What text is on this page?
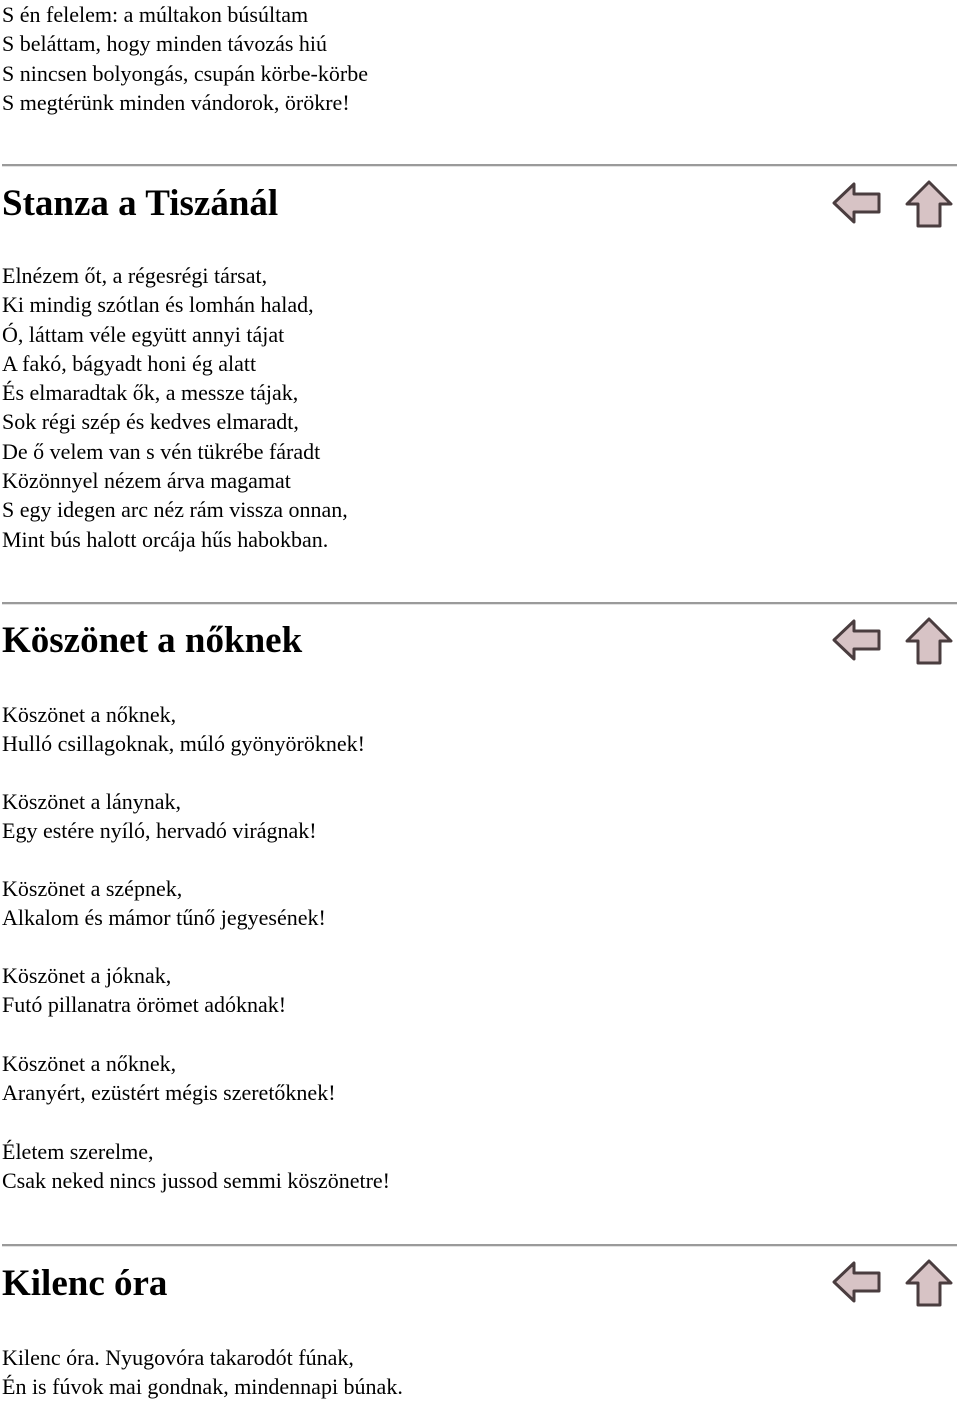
S én felelem: a múltakon búsúltam
S beláttam, hogy minden távozás hiú
S nincsen bolyongás, csupán körbe-körbe
S megtérünk minden vándorok, örökre!
Stanza a Tiszánál
Elnézem őt, a régesrégi társat,
Ki mindig szótlan és lomhán halad,
Ó, láttam véle együtt annyi tájat
A fakó, bágyadt honi ég alatt
És elmaradtak ők, a messze tájak,
Sok régi szép és kedves elmaradt,
De ő velem van s vén tükrébe fáradt
Közönnyel nézem árva magamat
S egy idegen arc néz rám vissza onnan,
Mint bús halott orcája hűs habokban.
Köszönet a nőknek
Köszönet a nőknek,
Hulló csillagoknak, múló gyönyöröknek!
Köszönet a lánynak,
Egy estére nyíló, hervadó virágnak!
Köszönet a szépnek,
Alkalom és mámor tűnő jegyesének!
Köszönet a jóknak,
Futó pillanatra örömet adóknak!
Köszönet a nőknek,
Aranyért, ezüstért mégis szeretőknek!
Életem szerelme,
Csak neked nincs jussod semmi köszönetre!
Kilenc óra
Kilenc óra. Nyugovóra takarodót fúnak,
Én is fúvok mai gondnak, mindennapi búnak.
